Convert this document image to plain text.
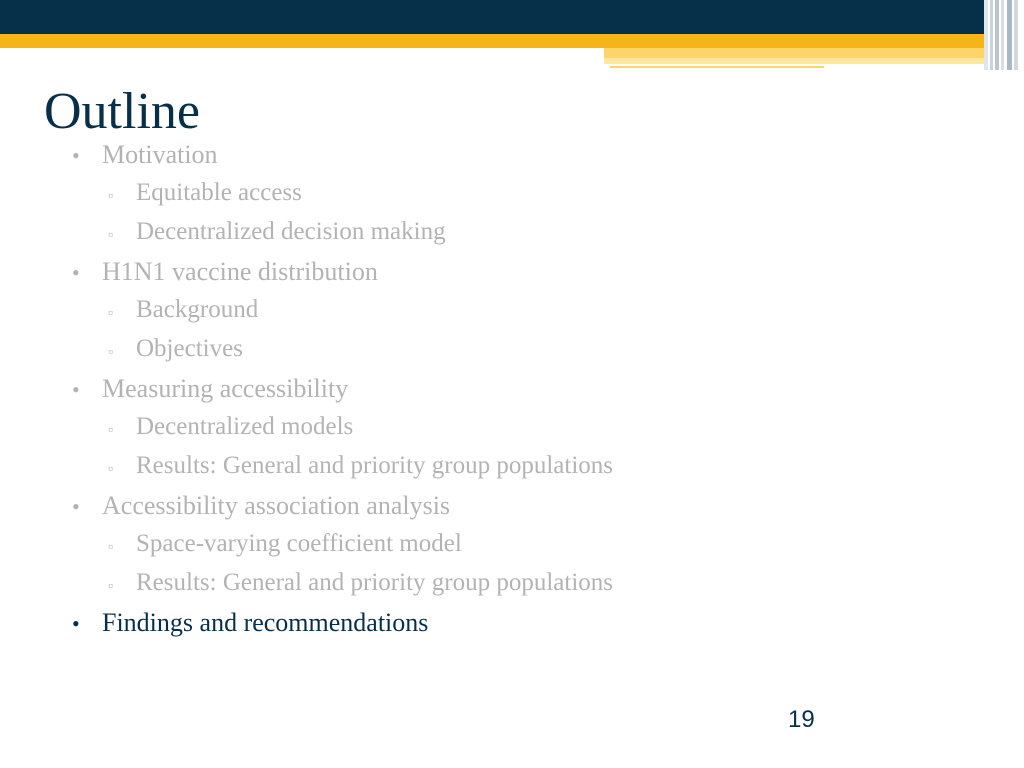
Outline
• Motivation
▫ Equitable access
▫ Decentralized decision making
• H1N1 vaccine distribution
▫ Background
▫ Objectives
• Measuring accessibility
▫ Decentralized models
▫ Results: General and priority group populations
• Accessibility association analysis
▫ Space-varying coefficient model
▫ Results: General and priority group populations
• Findings and recommendations
19
